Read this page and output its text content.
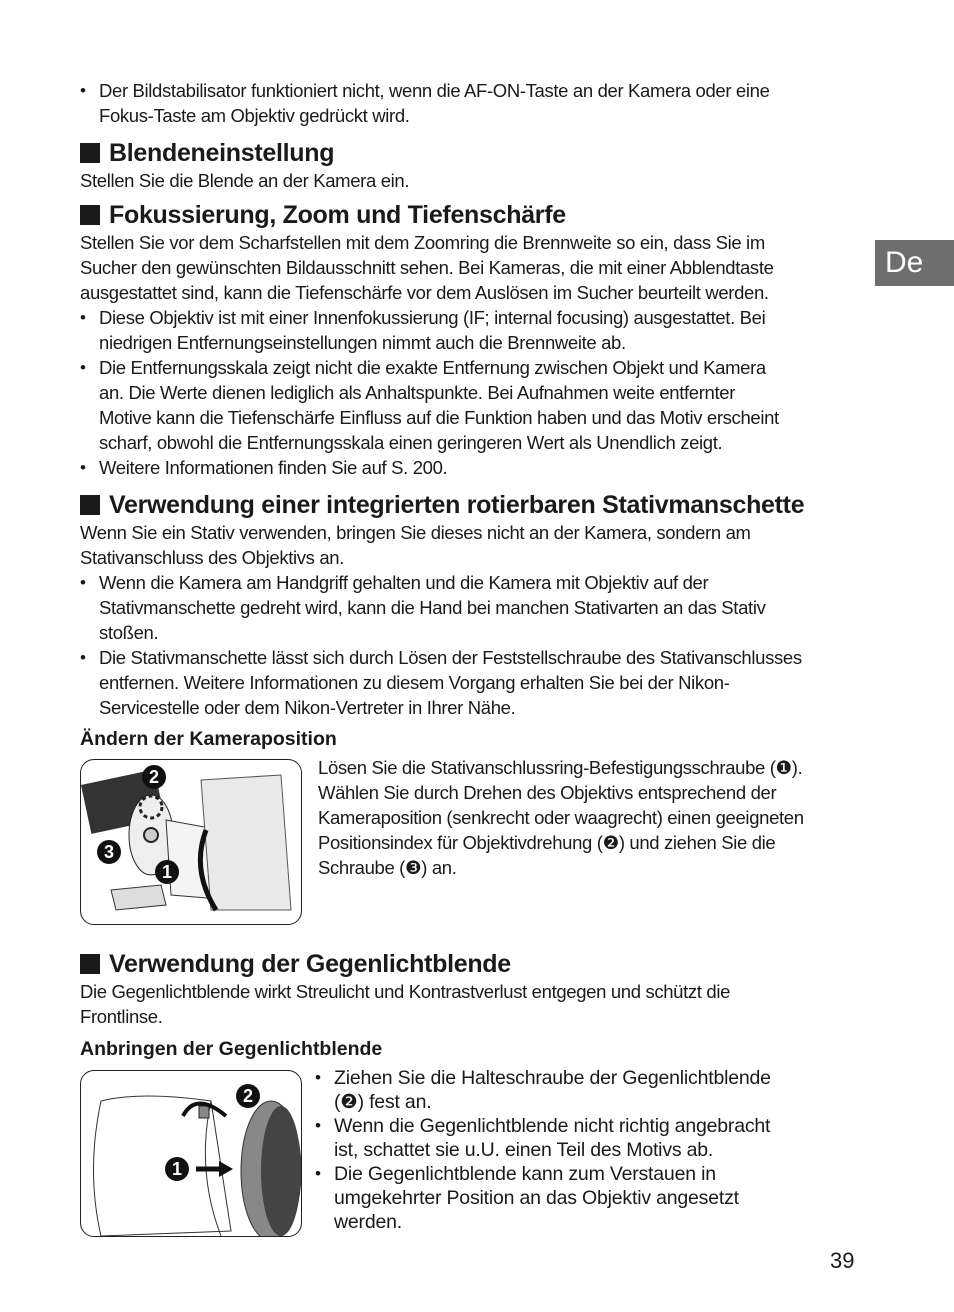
De
• Der Bildstabilisator funktioniert nicht, wenn die AF-ON-Taste an der Kamera oder eine
Fokus-Taste am Objektiv gedrückt wird.
Blendeneinstellung
Stellen Sie die Blende an der Kamera ein.
Fokussierung, Zoom und Tiefenschärfe
Stellen Sie vor dem Scharfstellen mit dem Zoomring die Brennweite so ein, dass Sie im
Sucher den gewünschten Bildausschnitt sehen. Bei Kameras, die mit einer Abblendtaste
ausgestattet sind, kann die Tiefenschärfe vor dem Auslösen im Sucher beurteilt werden.
• Diese Objektiv ist mit einer Innenfokussierung (IF; internal focusing) ausgestattet. Bei
niedrigen Entfernungseinstellungen nimmt auch die Brennweite ab.
• Die Entfernungsskala zeigt nicht die exakte Entfernung zwischen Objekt und Kamera
an. Die Werte dienen lediglich als Anhaltspunkte. Bei Aufnahmen weite entfernter
Motive kann die Tiefenschärfe Einfluss auf die Funktion haben und das Motiv erscheint
scharf, obwohl die Entfernungsskala einen geringeren Wert als Unendlich zeigt.
• Weitere Informationen finden Sie auf S. 200.
Verwendung einer integrierten rotierbaren Stativmanschette
Wenn Sie ein Stativ verwenden, bringen Sie dieses nicht an der Kamera, sondern am
Stativanschluss des Objektivs an.
• Wenn die Kamera am Handgriff gehalten und die Kamera mit Objektiv auf der
Stativmanschette gedreht wird, kann die Hand bei manchen Stativarten an das Stativ
stoßen.
• Die Stativmanschette lässt sich durch Lösen der Feststellschraube des Stativanschlusses
entfernen. Weitere Informationen zu diesem Vorgang erhalten Sie bei der Nikon-
Servicestelle oder dem Nikon-Vertreter in Ihrer Nähe.
Ändern der Kameraposition
2
3
1
Lösen Sie die Stativanschlussring-Befestigungsschraube (❶).
Wählen Sie durch Drehen des Objektivs entsprechend der
Kameraposition (senkrecht oder waagrecht) einen geeigneten
Positionsindex für Objektivdrehung (❷) und ziehen Sie die
Schraube (❸) an.
Verwendung der Gegenlichtblende
Die Gegenlichtblende wirkt Streulicht und Kontrastverlust entgegen und schützt die
Frontlinse.
Anbringen der Gegenlichtblende
2
1
• Ziehen Sie die Halteschraube der Gegenlichtblende
(❷) fest an.
• Wenn die Gegenlichtblende nicht richtig angebracht
ist, schattet sie u.U. einen Teil des Motivs ab.
• Die Gegenlichtblende kann zum Verstauen in
umgekehrter Position an das Objektiv angesetzt
werden.
39
